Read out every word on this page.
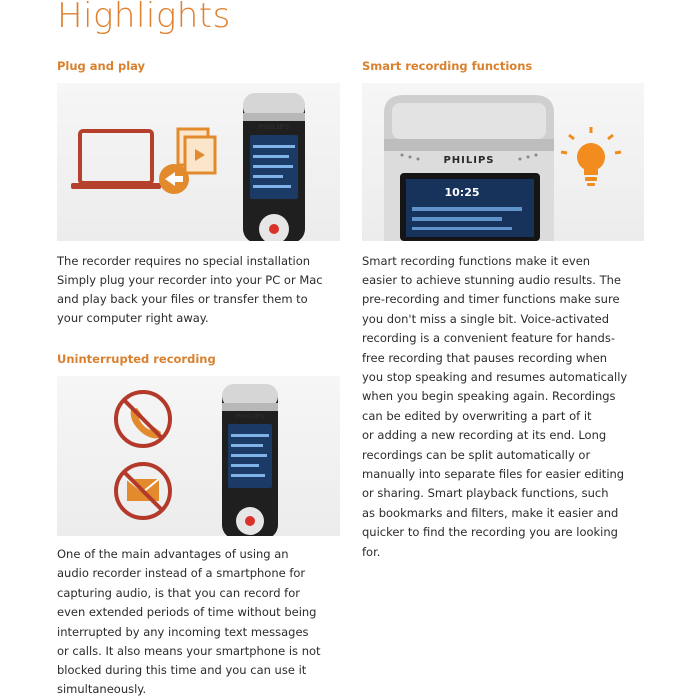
Highlights
Plug and play
PHILIPS
The recorder requires no special installation
Simply plug your recorder into your PC or Mac
and play back your files or transfer them to
your computer right away.
Uninterrupted recording
PHILIPS
One of the main advantages of using an
audio recorder instead of a smartphone for
capturing audio, is that you can record for
even extended periods of time without being
interrupted by any incoming text messages
or calls. It also means your smartphone is not
blocked during this time and you can use it
simultaneously.
Smart recording functions
PHILIPS
10:25
Smart recording functions make it even
easier to achieve stunning audio results. The
pre-recording and timer functions make sure
you don't miss a single bit. Voice-activated
recording is a convenient feature for hands-
free recording that pauses recording when
you stop speaking and resumes automatically
when you begin speaking again. Recordings
can be edited by overwriting a part of it
or adding a new recording at its end. Long
recordings can be split automatically or
manually into separate files for easier editing
or sharing. Smart playback functions, such
as bookmarks and filters, make it easier and
quicker to find the recording you are looking
for.
